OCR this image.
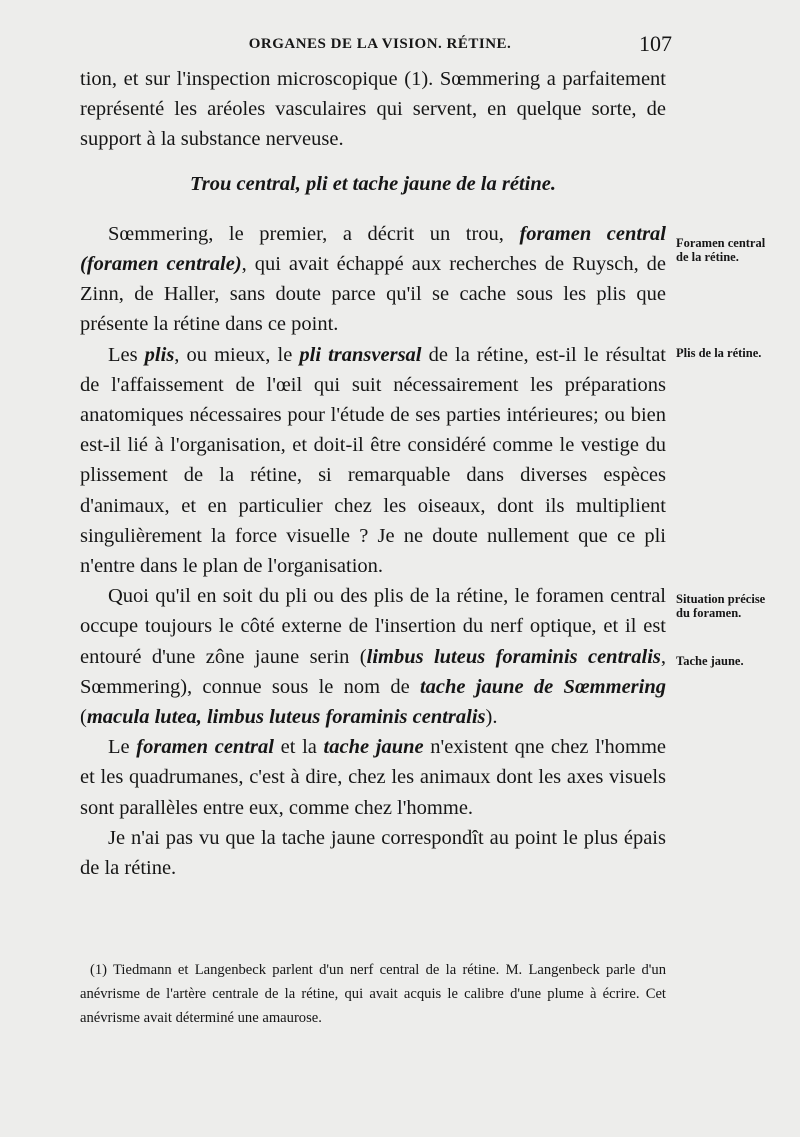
ORGANES DE LA VISION. RÉTINE.	107

tion, et sur l'inspection microscopique (1). Sœmmering a parfaitement représenté les aréoles vasculaires qui servent, en quelque sorte, de support à la substance nerveuse.

Trou central, pli et tache jaune de la rétine.

Sœmmering, le premier, a décrit un trou, foramen central (foramen centrale), qui avait échappé aux recherches de Ruysch, de Zinn, de Haller, sans doute parce qu'il se cache sous les plis que présente la rétine dans ce point.

Les plis, ou mieux, le pli transversal de la rétine, est-il le résultat de l'affaissement de l'œil qui suit nécessairement les préparations anatomiques nécessaires pour l'étude de ses parties intérieures; ou bien est-il lié à l'organisation, et doit-il être considéré comme le vestige du plissement de la rétine, si remarquable dans diverses espèces d'animaux, et en particulier chez les oiseaux, dont ils multiplient singulièrement la force visuelle ? Je ne doute nullement que ce pli n'entre dans le plan de l'organisation.

Quoi qu'il en soit du pli ou des plis de la rétine, le foramen central occupe toujours le côté externe de l'insertion du nerf optique, et il est entouré d'une zône jaune serin (limbus luteus foraminis centralis, Sœmmering), connue sous le nom de tache jaune de Sœmmering (macula lutea, limbus luteus foraminis centralis).

Le foramen central et la tache jaune n'existent qne chez l'homme et les quadrumanes, c'est à dire, chez les animaux dont les axes visuels sont parallèles entre eux, comme chez l'homme.

Je n'ai pas vu que la tache jaune correspondît au point le plus épais de la rétine.

(1) Tiedmann et Langenbeck parlent d'un nerf central de la rétine. M. Langenbeck parle d'un anévrisme de l'artère centrale de la rétine, qui avait acquis le calibre d'une plume à écrire. Cet anévrisme avait déterminé une amaurose.

Foramen central de la rétine.
Plis de la rétine.
Situation précise du foramen.
Tache jaune.
